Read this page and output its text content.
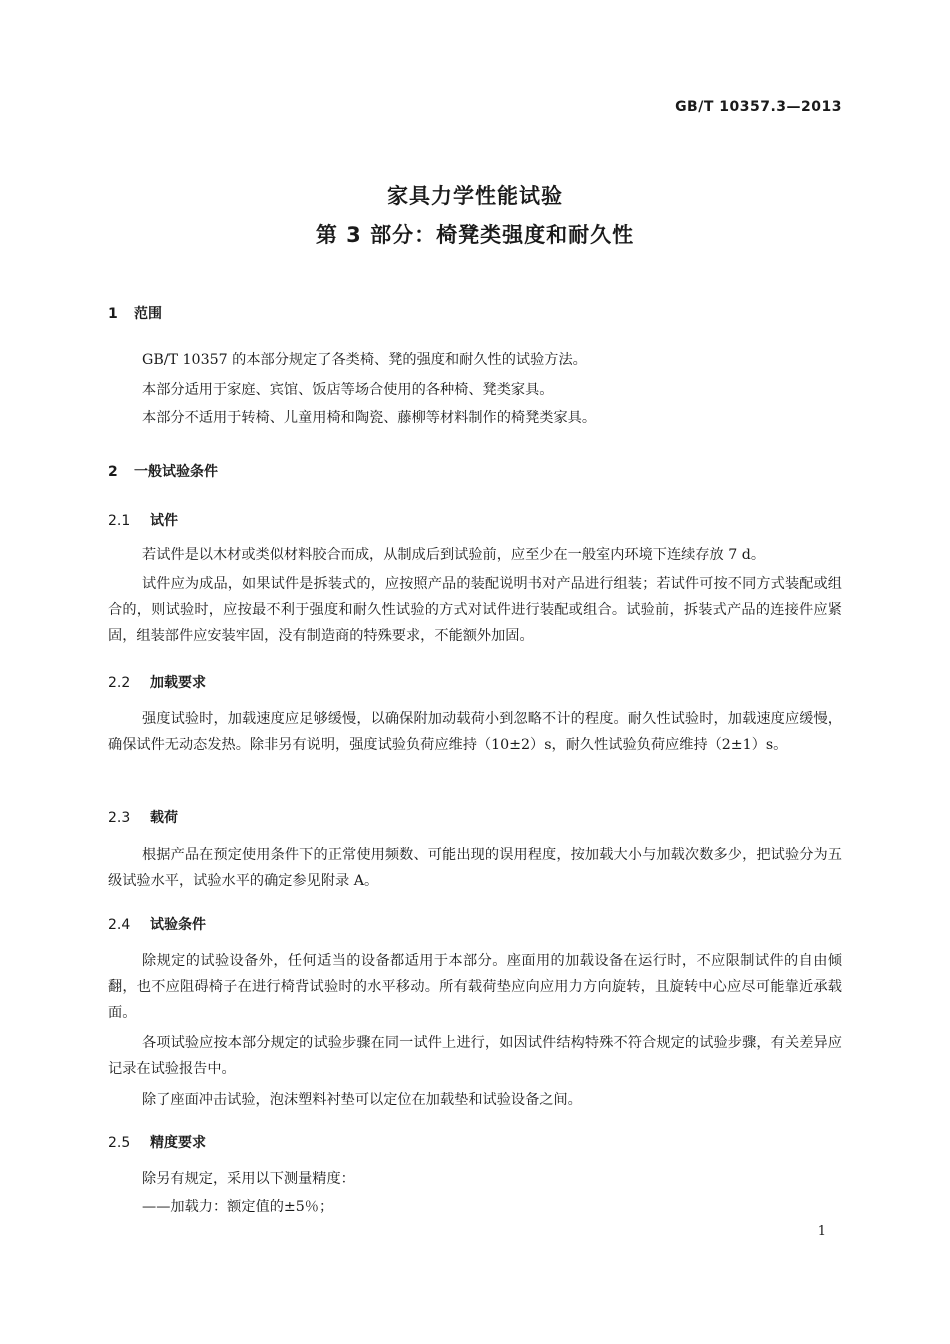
GB/T 10357.3—2013
家具力学性能试验
第 3 部分：椅凳类强度和耐久性
1 范围

GB/T 10357 的本部分规定了各类椅、凳的强度和耐久性的试验方法。

本部分适用于家庭、宾馆、饭店等场合使用的各种椅、凳类家具。

本部分不适用于转椅、儿童用椅和陶瓷、藤柳等材料制作的椅凳类家具。

2 一般试验条件
2.1 试件

若试件是以木材或类似材料胶合而成，从制成后到试验前，应至少在一般室内环境下连续存放 7 d。

试件应为成品，如果试件是拆装式的，应按照产品的装配说明书对产品进行组装；若试件可按不同方式装配或组合的，则试验时，应按最不利于强度和耐久性试验的方式对试件进行装配或组合。试验前，拆装式产品的连接件应紧固，组装部件应安装牢固，没有制造商的特殊要求，不能额外加固。

2.2 加载要求

强度试验时，加载速度应足够缓慢，以确保附加动载荷小到忽略不计的程度。耐久性试验时，加载速度应缓慢，确保试件无动态发热。除非另有说明，强度试验负荷应维持（10±2）s，耐久性试验负荷应维持（2±1）s。

2.3 载荷

根据产品在预定使用条件下的正常使用频数、可能出现的误用程度，按加载大小与加载次数多少，把试验分为五级试验水平，试验水平的确定参见附录 A。

2.4 试验条件

除规定的试验设备外，任何适当的设备都适用于本部分。座面用的加载设备在运行时，不应限制试件的自由倾翻，也不应阻碍椅子在进行椅背试验时的水平移动。所有载荷垫应向应用力方向旋转，且旋转中心应尽可能靠近承载面。

各项试验应按本部分规定的试验步骤在同一试件上进行，如因试件结构特殊不符合规定的试验步骤，有关差异应记录在试验报告中。

除了座面冲击试验，泡沫塑料衬垫可以定位在加载垫和试验设备之间。

2.5 精度要求

除另有规定，采用以下测量精度：

——加载力：额定值的±5％；

1
